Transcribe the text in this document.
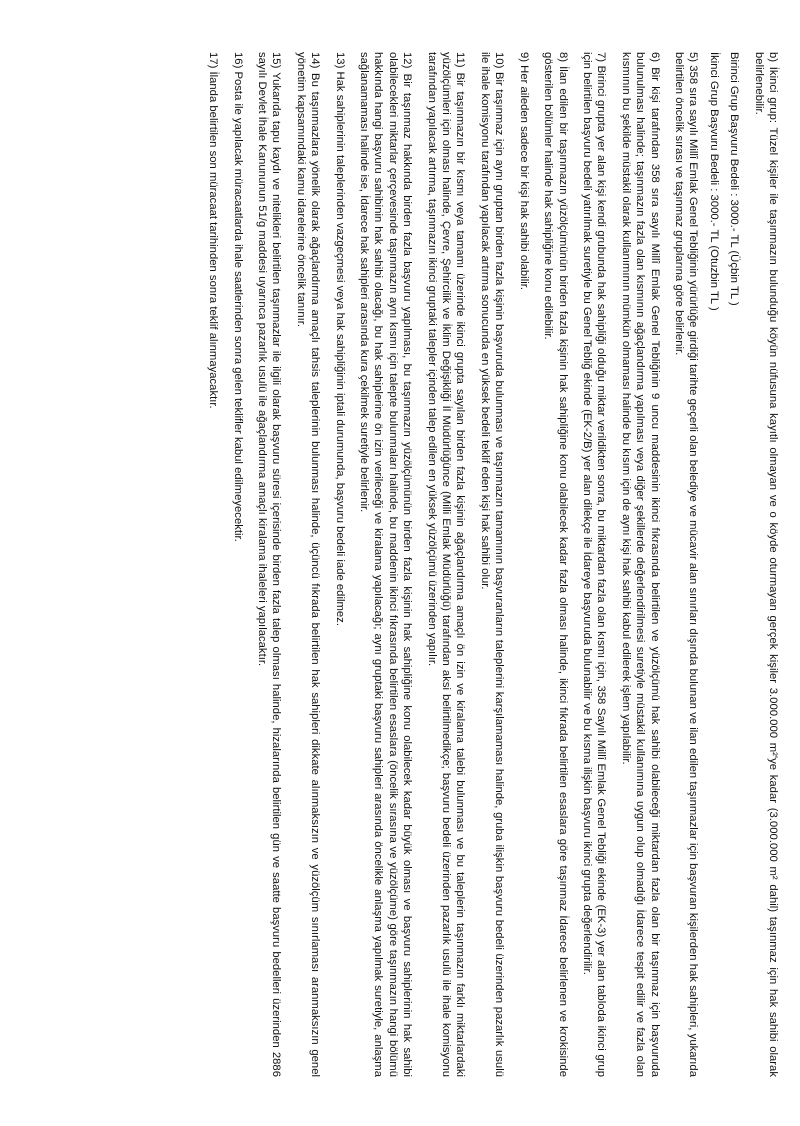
b) İkinci grup: Tüzel kişiler ile taşınmazın bulunduğu köyün nüfusuna kayıtlı olmayan ve o köyde oturmayan gerçek kişiler 3.000.000 m²'ye kadar (3.000.000 m² dahil) taşınmaz için hak sahibi olarak belirlenebilir.

Birinci Grup Başvuru Bedeli : 3000.- TL (Üçbin TL )

İkinci Grup Başvuru Bedeli : 3000.- TL (Otuzbin TL )

5) 358 sıra sayılı Millî Emlak Genel Tebliğinin yürürlüğe girdiği tarihte geçerli olan belediye ve mücavir alan sınırları dışında bulunan ve ilan edilen taşınmazlar için başvuran kişilerden hak sahipleri, yukarıda belirtilen öncelik sırası ve taşınmaz gruplarına göre belirlenir.

6) Bir kişi tarafından 358 sıra sayılı Millî Emlak Genel Tebliğinin 9 uncu maddesinin ikinci fıkrasında belirtilen ve yüzölçümü hak sahibi olabileceği miktardan fazla olan bir taşınmaz için başvuruda bulunulması halinde; taşınmazın fazla olan kısmının ağaçlandırma yapılması veya diğer şekillerde değerlendirilmesi suretiyle müstakil kullanımına uygun olup olmadığı İdarece tespit edilir ve fazla olan kısmının bu şekilde müstakil olarak kullanımının mümkün olmaması halinde bu kısım için de aynı kişi hak sahibi kabul edilerek işlem yapılabilir.

7) Birinci grupta yer alan kişi kendi grubunda hak sahipliği olduğu miktar verildikten sonra, bu miktardan fazla olan kısmı için, 358 Sayılı Millî Emlak Genel Tebliği ekinde (EK-3) yer alan tabloda ikinci grup için belirtilen başvuru bedeli yatırılmak suretiyle bu Genel Tebliğ ekinde (EK-2/B) yer alan dilekçe ile İdareye başvuruda bulunabilir ve bu kısma ilişkin başvuru ikinci grupta değerlendirilir.

8) İlan edilen bir taşınmazın yüzölçümünün birden fazla kişinin hak sahipliğine konu olabilecek kadar fazla olması halinde, ikinci fıkrada belirtilen esaslara göre taşınmaz İdarece belirlenen ve krokisinde gösterilen bölümler halinde hak sahipliğine konu edilebilir.

9) Her aileden sadece bir kişi hak sahibi olabilir.

10) Bir taşınmaz için aynı gruptan birden fazla kişinin başvuruda bulunması ve taşınmazın tamamının başvuranların taleplerini karşılamaması halinde, gruba ilişkin başvuru bedeli üzerinden pazarlık usulü ile ihale komisyonu tarafından yapılacak artırma sonucunda en yüksek bedeli teklif eden kişi hak sahibi olur.

11) Bir taşınmazın bir kısmı veya tamamı üzerinde ikinci grupta sayılan birden fazla kişinin ağaçlandırma amaçlı ön izin ve kiralama talebi bulunması ve bu taleplerin taşınmazın farklı miktarlardaki yüzölçümleri için olması halinde, Çevre, Şehircilik ve İklim Değişikliği İl Müdürlüğünce (Milli Emlak Müdürlüğü) tarafından aksi belirtilmedikçe; başvuru bedeli üzerinden pazarlık usulü ile ihale komisyonu tarafından yapılacak artırma, taşınmazın ikinci gruptaki talepler içinden talep edilen en yüksek yüzölçümü üzerinden yapılır.

12) Bir taşınmaz hakkında birden fazla başvuru yapılması, bu taşınmazın yüzölçümünün birden fazla kişinin hak sahipliğine konu olabilecek kadar büyük olması ve başvuru sahiplerinin hak sahibi olabilecekleri miktarlar çerçevesinde taşınmazın aynı kısmı için talepte bulunmaları halinde, bu maddenin ikinci fıkrasında belirtilen esaslara (öncelik sırasına ve yüzölçüme) göre taşınmazın hangi bölümü hakkında hangi başvuru sahibinin hak sahibi olacağı, bu hak sahiplerine ön izin verileceği ve kiralama yapılacağı; aynı gruptaki başvuru sahipleri arasında öncelikle anlaşma yapılmak suretiyle, anlaşma sağlanamaması halinde ise, İdarece hak sahipleri arasında kura çekilmek suretiyle belirlenir.

13) Hak sahiplerinin taleplerinden vazgeçmesi veya hak sahipliğinin iptali durumunda, başvuru bedeli iade edilmez.

14) Bu taşınmazlara yönelik olarak ağaçlandırma amaçlı tahsis taleplerinin bulunması halinde, üçüncü fıkrada belirtilen hak sahipleri dikkate alınmaksızın ve yüzölçüm sınırlaması aranmaksızın genel yönetim kapsamındaki kamu idarelerine öncelik tanınır.

15) Yukarıda tapu kaydı ve nitelikleri belirtilen taşınmazlar ile ilgili olarak başvuru süresi içerisinde birden fazla talep olması halinde, hizalarında belirtilen gün ve saatte başvuru bedelleri üzerinden 2886 sayılı Devlet İhale Kanununun 51/g maddesi uyarınca pazarlık usulü ile ağaçlandırma amaçlı kiralama ihaleleri yapılacaktır.

16) Posta ile yapılacak müracaatlarda ihale saatlerinden sonra gelen teklifler kabul edilmeyecektir.

17) İlanda belirtilen son müracaat tarihinden sonra teklif alınmayacaktır.
